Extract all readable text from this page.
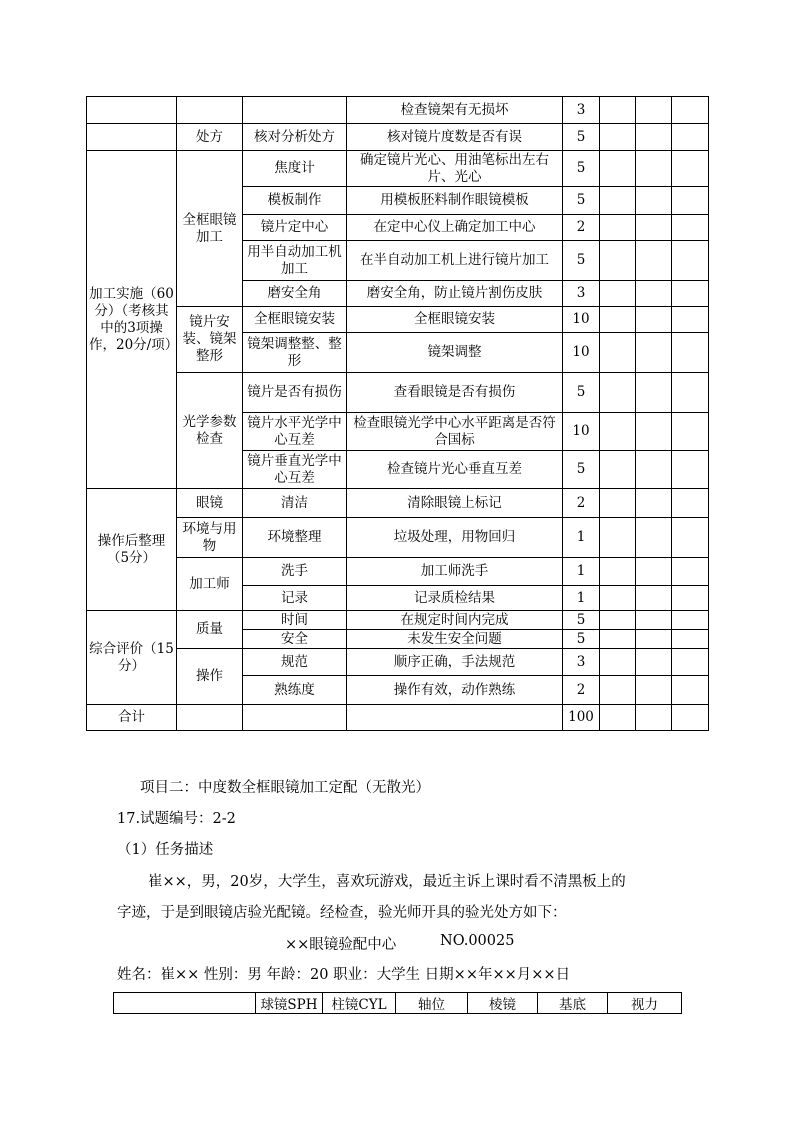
			检查镜架有无损坏	3			
	处方	核对分析处方	核对镜片度数是否有误	5			
加工实施（60分）（考核其中的3项操作，20分/项）	全框眼镜加工	焦度计	确定镜片光心、用油笔标出左右片、光心	5			
		模板制作	用模板胚料制作眼镜模板	5			
		镜片定中心	在定中心仪上确定加工中心	2			
		用半自动加工机加工	在半自动加工机上进行镜片加工	5			
		磨安全角	磨安全角，防止镜片割伤皮肤	3			
	镜片安装、镜架整形	全框眼镜安装	全框眼镜安装	10			
		镜架调整整、整形	镜架调整	10			
	光学参数检查	镜片是否有损伤	查看眼镜是否有损伤	5			
		镜片水平光学中心互差	检查眼镜光学中心水平距离是否符合国标	10			
		镜片垂直光学中心互差	检查镜片光心垂直互差	5			
操作后整理（5分）	眼镜	清洁	清除眼镜上标记	2			
	环境与用物	环境整理	垃圾处理，用物回归	1			
	加工师	洗手	加工师洗手	1			
		记录	记录质检结果	1			
综合评价（15分）	质量	时间	在规定时间内完成	5			
		安全	未发生安全问题	5			
	操作	规范	顺序正确，手法规范	3			
		熟练度	操作有效，动作熟练	2			
合计				100			
项目二：中度数全框眼镜加工定配（无散光）
17.试题编号：2-2
（1）任务描述
崔××，男，20岁，大学生，喜欢玩游戏，最近主诉上课时看不清黑板上的
字迹，于是到眼镜店验光配镜。经检查，验光师开具的验光处方如下：
××眼镜验配中心	NO.00025
姓名：崔×× 性别：男 年龄：20 职业：大学生 日期××年××月××日
	球镜SPH	柱镜CYL	轴位	棱镜	基底	视力
